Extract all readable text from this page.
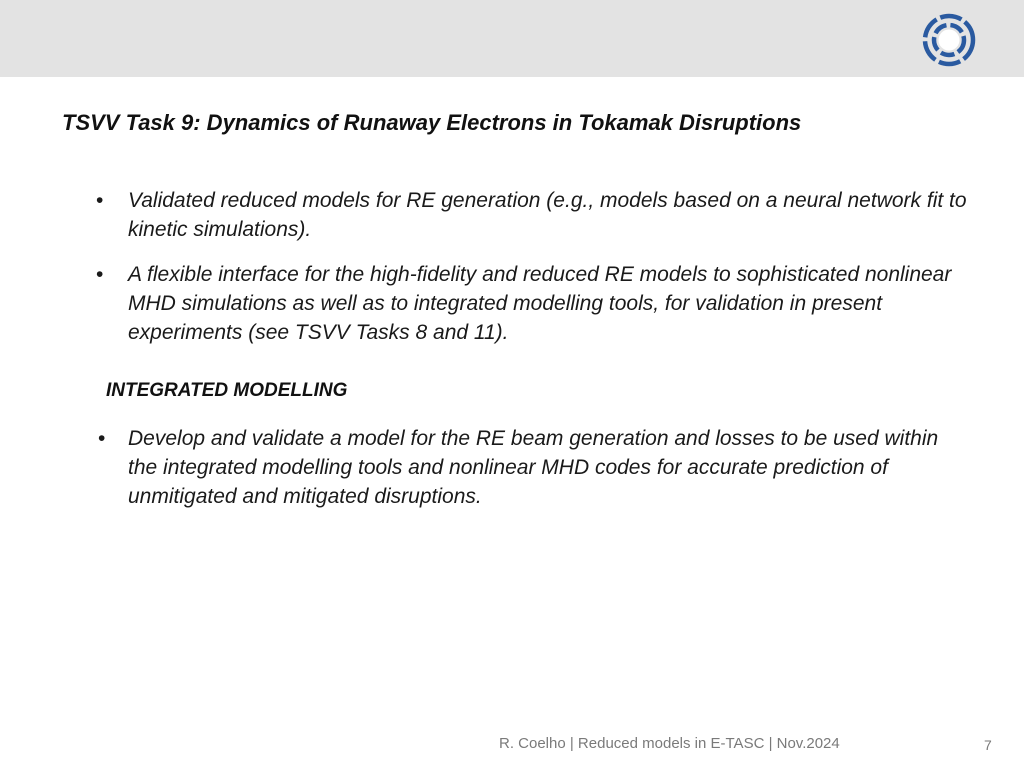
TSVV Task 9: Dynamics of Runaway Electrons in Tokamak Disruptions
• Validated reduced models for RE generation (e.g., models based on a neural network fit to kinetic simulations).
• A flexible interface for the high-fidelity and reduced RE models to sophisticated nonlinear MHD simulations as well as to integrated modelling tools, for validation in present experiments (see TSVV Tasks 8 and 11).
INTEGRATED MODELLING
• Develop and validate a model for the RE beam generation and losses to be used within the integrated modelling tools and nonlinear MHD codes for accurate prediction of unmitigated and mitigated disruptions.
R. Coelho | Reduced models in E-TASC | Nov.2024	7
